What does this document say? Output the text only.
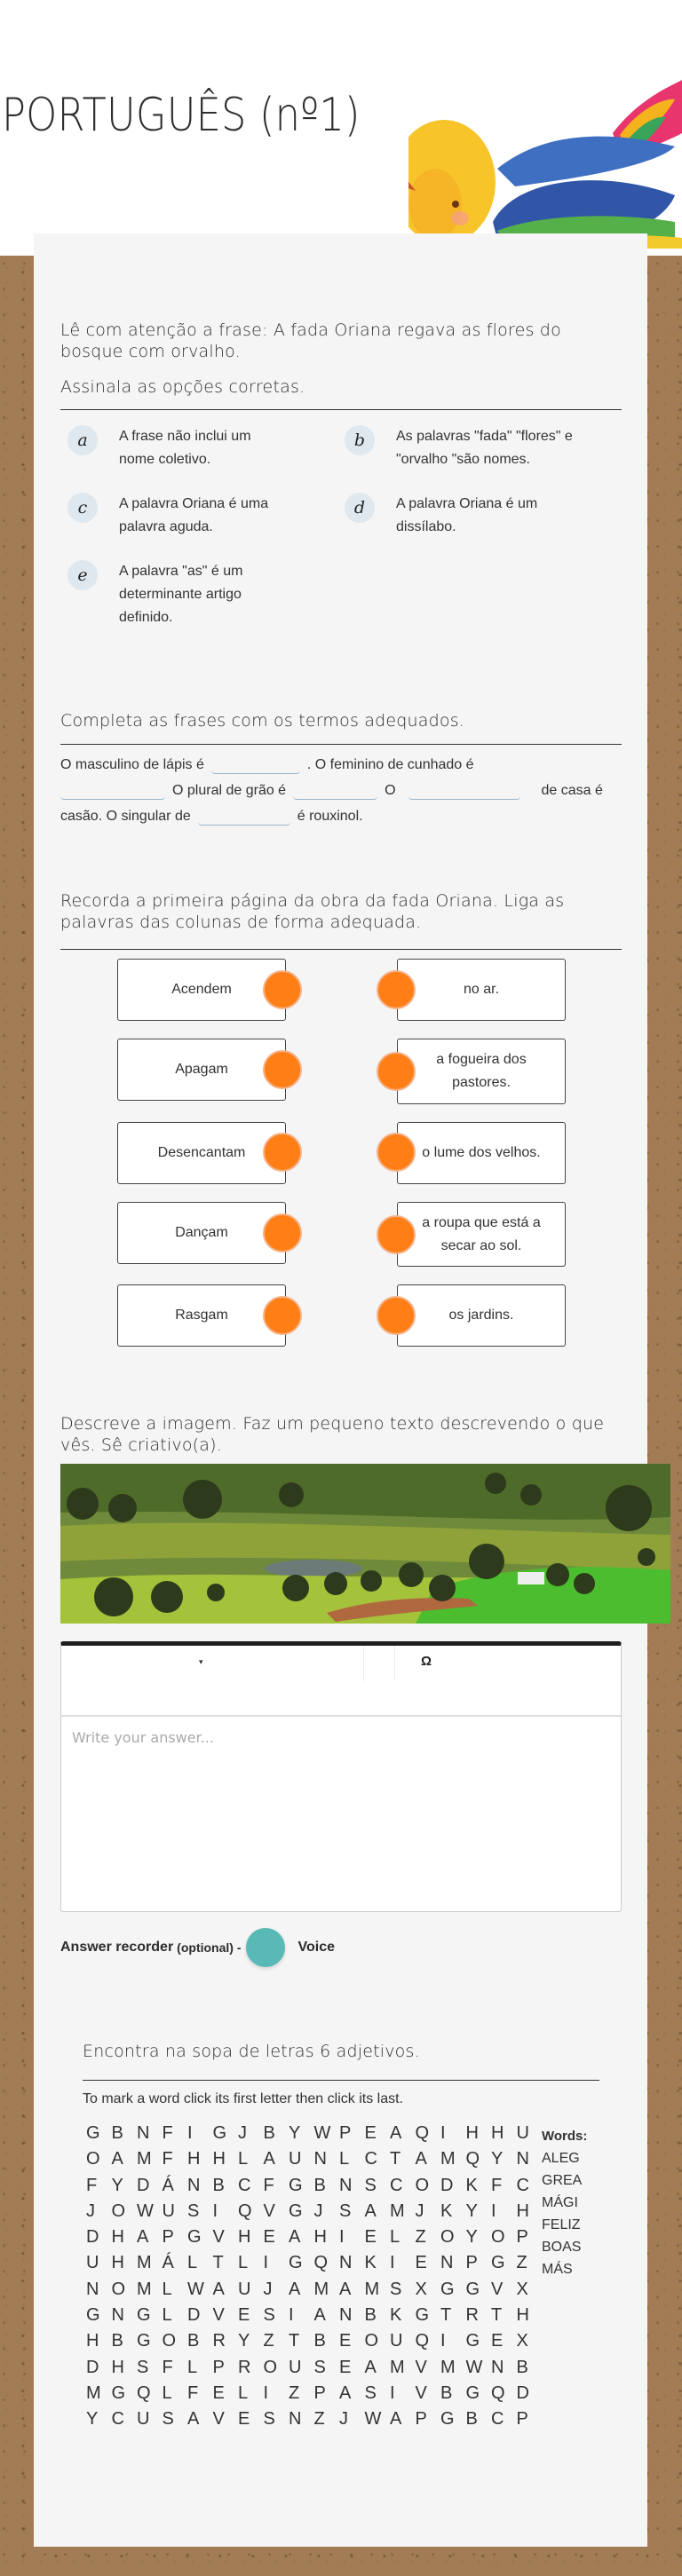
PORTUGUÊS (nº1)
Lê com atenção a frase: A fada Oriana regava as flores do bosque com orvalho.
Assinala as opções corretas.
a	A frase não inclui um nome coletivo.
b	As palavras "fada" "flores" e "orvalho "são nomes.
c	A palavra Oriana é uma palavra aguda.
d	A palavra Oriana é um dissílabo.
e	A palavra "as" é um determinante artigo definido.
Completa as frases com os termos adequados.
O masculino de lápis é	. O feminino de cunhado é
O plural de grão é	O	de casa é casão. O singular de	é rouxinol.
Recorda a primeira página da obra da fada Oriana. Liga as palavras das colunas de forma adequada.
Acendem
Apagam
Desencantam
Dançam
Rasgam
no ar.
a fogueira dos pastores.
o lume dos velhos.
a roupa que está a secar ao sol.
os jardins.
Descreve a imagem. Faz um pequeno texto descrevendo o que vês. Sê criativo(a).
▾	Ω
Write your answer...
Answer recorder (optional) -	Voice
Encontra na sopa de letras 6 adjetivos.
To mark a word click its first letter then click its last.
G B N F I	G J B Y W P E A Q I	H H U
O A M F H H L A U N L C T A M Q Y N
F Y D Á N B C F G B N S C O D K F C
J O W U S I	Q V G J S A M J K Y I	H
D H A P G V H E A H I	E L Z O Y O P
U H M Á L T L I	G Q N K I	E N P G Z
N O M L W A U J A M A M S X G G V X
G N G L D V E S I	A N B K G T R T H
H B G O B R Y Z T B E O U Q I	G E X
D H S F L P R O U S E A M V M W N B
M G Q L F E L I	Z P A S I	V B G Q D
Y C U S A V E S N Z J W A P G B C P
Words:
ALEG
GREA
MÁGI
FELIZ
BOAS
MÁS
